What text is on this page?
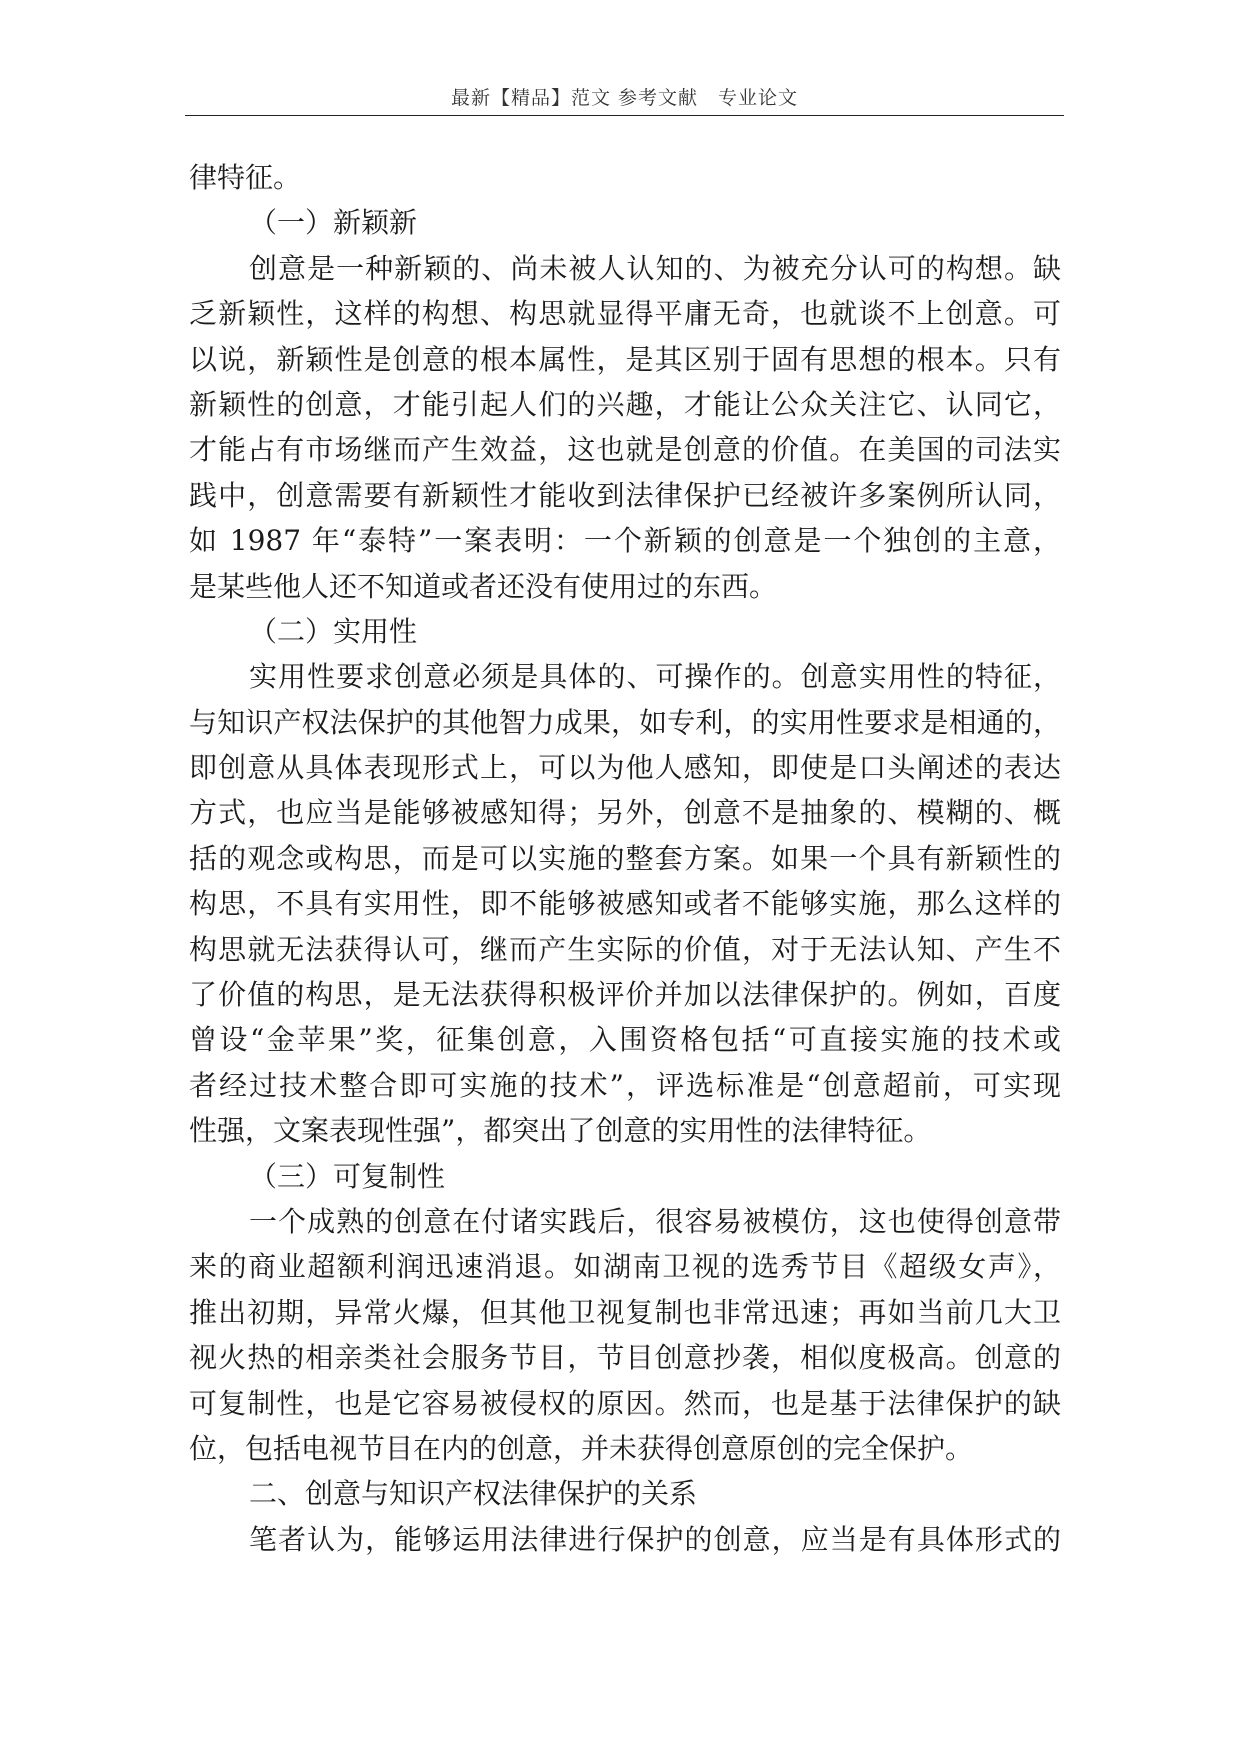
最新【精品】范文 参考文献　专业论文
律特征。
（一）新颖新
创意是一种新颖的、尚未被人认知的、为被充分认可的构想。缺
乏新颖性，这样的构想、构思就显得平庸无奇，也就谈不上创意。可
以说，新颖性是创意的根本属性，是其区别于固有思想的根本。只有
新颖性的创意，才能引起人们的兴趣，才能让公众关注它、认同它，
才能占有市场继而产生效益，这也就是创意的价值。在美国的司法实
践中，创意需要有新颖性才能收到法律保护已经被许多案例所认同，
如 1987 年“泰特”一案表明：一个新颖的创意是一个独创的主意，
是某些他人还不知道或者还没有使用过的东西。
（二）实用性
实用性要求创意必须是具体的、可操作的。创意实用性的特征，
与知识产权法保护的其他智力成果，如专利，的实用性要求是相通的，
即创意从具体表现形式上，可以为他人感知，即使是口头阐述的表达
方式，也应当是能够被感知得；另外，创意不是抽象的、模糊的、概
括的观念或构思，而是可以实施的整套方案。如果一个具有新颖性的
构思，不具有实用性，即不能够被感知或者不能够实施，那么这样的
构思就无法获得认可，继而产生实际的价值，对于无法认知、产生不
了价值的构思，是无法获得积极评价并加以法律保护的。例如，百度
曾设“金苹果”奖，征集创意，入围资格包括“可直接实施的技术或
者经过技术整合即可实施的技术”，评选标准是“创意超前，可实现
性强，文案表现性强”，都突出了创意的实用性的法律特征。
（三）可复制性
一个成熟的创意在付诸实践后，很容易被模仿，这也使得创意带
来的商业超额利润迅速消退。如湖南卫视的选秀节目《超级女声》，
推出初期，异常火爆，但其他卫视复制也非常迅速；再如当前几大卫
视火热的相亲类社会服务节目，节目创意抄袭，相似度极高。创意的
可复制性，也是它容易被侵权的原因。然而，也是基于法律保护的缺
位，包括电视节目在内的创意，并未获得创意原创的完全保护。
二、创意与知识产权法律保护的关系
笔者认为，能够运用法律进行保护的创意，应当是有具体形式的
